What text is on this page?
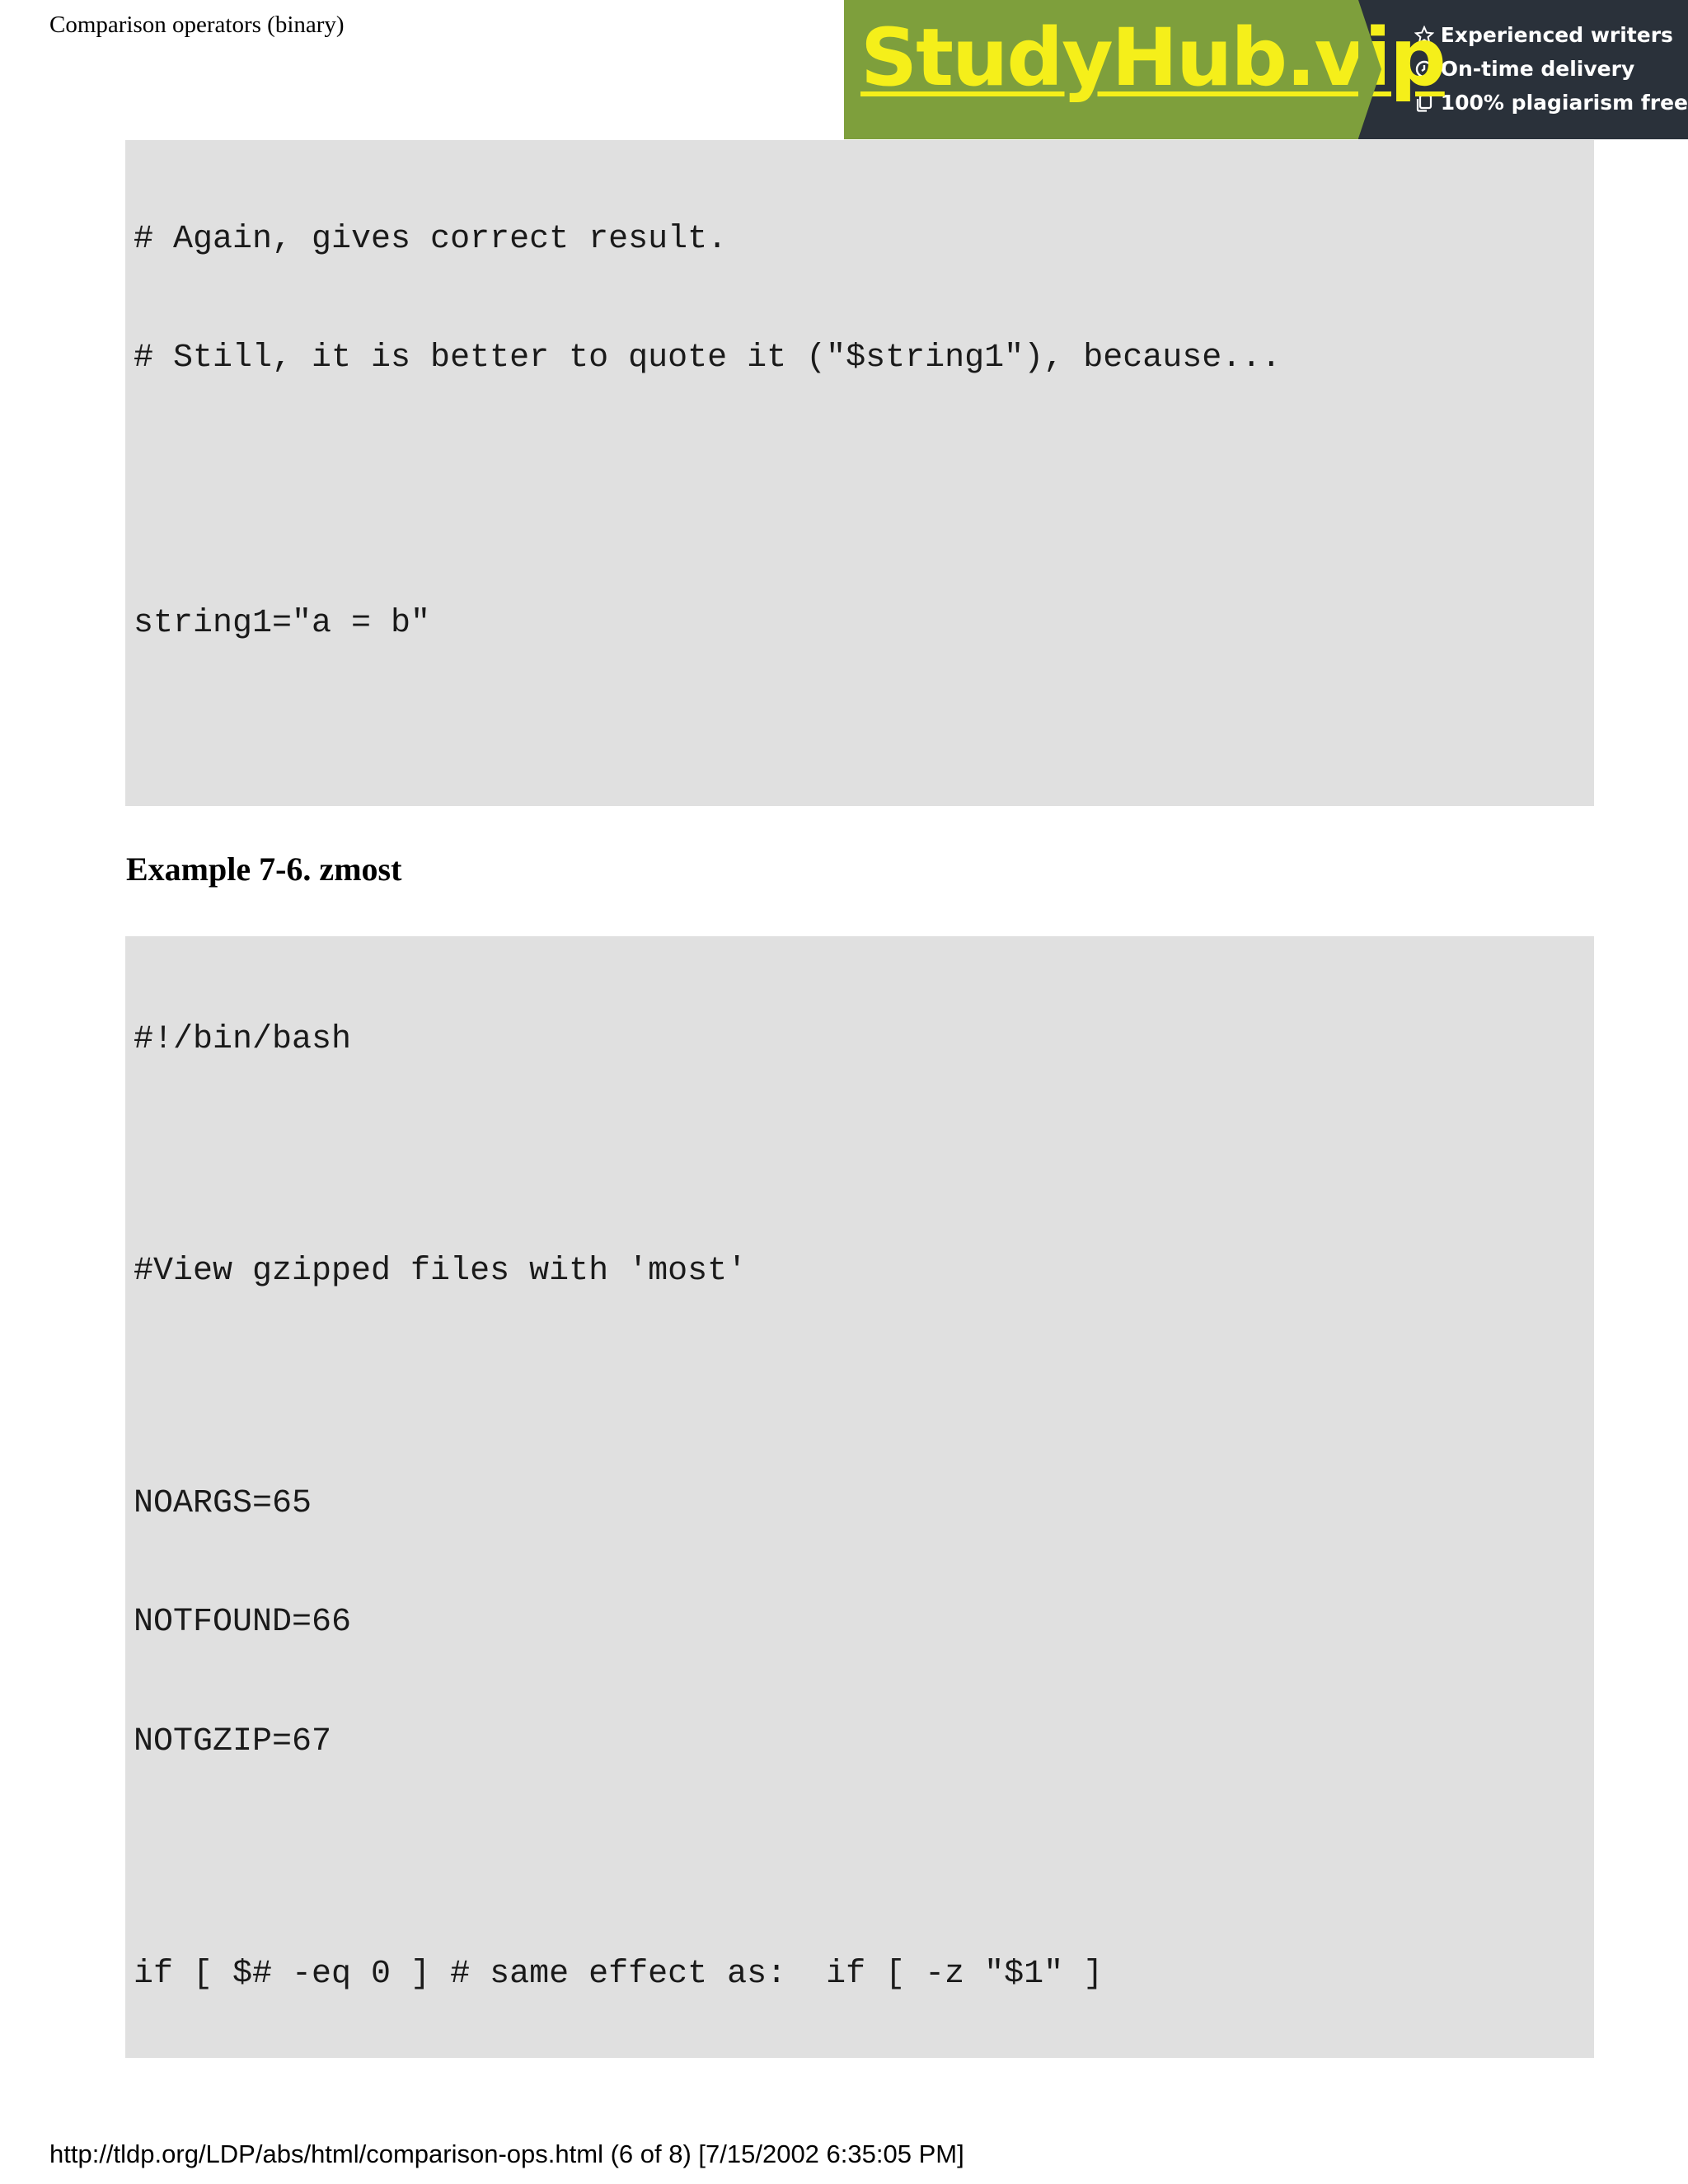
Comparison operators (binary)	StudyHub.vip
Experienced writers
On-time delivery
100% plagiarism free

# Again, gives correct result.

# Still, it is better to quote it ("$string1"), because...

string1="a = b"

Example 7-6. zmost

#!/bin/bash

#View gzipped files with 'most'

NOARGS=65

NOTFOUND=66

NOTGZIP=67

if [ $# -eq 0 ] # same effect as:  if [ -z "$1" ]

http://tldp.org/LDP/abs/html/comparison-ops.html (6 of 8) [7/15/2002 6:35:05 PM]
